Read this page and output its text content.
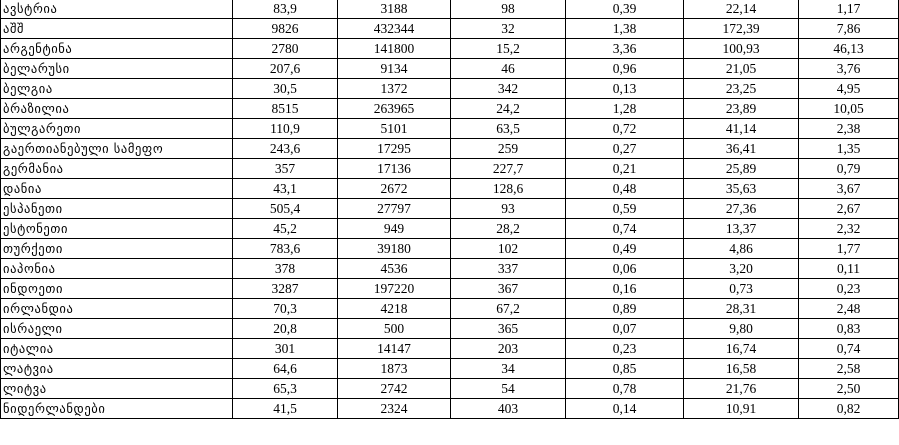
ავსტრია	83,9	3188	98	0,39	22,14	1,17
აშშ	9826	432344	32	1,38	172,39	7,86
არგენტინა	2780	141800	15,2	3,36	100,93	46,13
ბელარუსი	207,6	9134	46	0,96	21,05	3,76
ბელგია	30,5	1372	342	0,13	23,25	4,95
ბრაზილია	8515	263965	24,2	1,28	23,89	10,05
ბულგარეთი	110,9	5101	63,5	0,72	41,14	2,38
გაერთიანებული სამეფო	243,6	17295	259	0,27	36,41	1,35
გერმანია	357	17136	227,7	0,21	25,89	0,79
დანია	43,1	2672	128,6	0,48	35,63	3,67
ესპანეთი	505,4	27797	93	0,59	27,36	2,67
ესტონეთი	45,2	949	28,2	0,74	13,37	2,32
თურქეთი	783,6	39180	102	0,49	4,86	1,77
იაპონია	378	4536	337	0,06	3,20	0,11
ინდოეთი	3287	197220	367	0,16	0,73	0,23
ირლანდია	70,3	4218	67,2	0,89	28,31	2,48
ისრაელი	20,8	500	365	0,07	9,80	0,83
იტალია	301	14147	203	0,23	16,74	0,74
ლატვია	64,6	1873	34	0,85	16,58	2,58
ლიტვა	65,3	2742	54	0,78	21,76	2,50
ნიდერლანდები	41,5	2324	403	0,14	10,91	0,82
